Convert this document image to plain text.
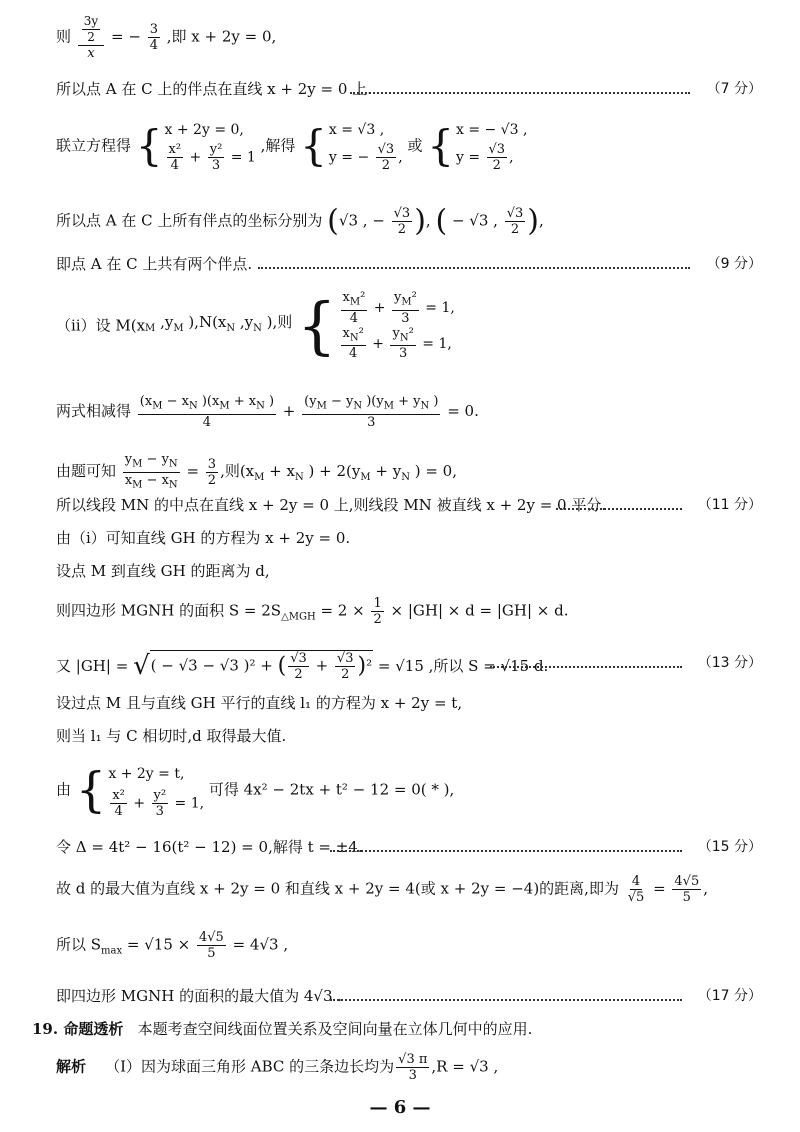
则 $\frac{\frac{3y}{2}}{x}$ = − $\frac{3}{4}$ ,即 x + 2y = 0,
所以点 A 在 C 上的伴点在直线 x + 2y = 0 上.	（7 分）
联立方程得 { x + 2y = 0,
$\frac{\text{x²}}{4} + \frac{\text{y²}}{3} = 1$
,解得 { x = √3 ,
y = − $\frac{√3}{2}$ ,
或 { x = − √3 ,
$y = \frac{√3}{2}$ ,
所以点 A 在 C 上所有伴点的坐标分别为 (√3 , − $\frac{√3}{2}$ ), ( − √3 , $\frac{√3}{2}$ ),
即点 A 在 C 上共有两个伴点.	（9 分）
（ⅱ）设 $M(x_M$ $,y_M$ )$,N(x_N$ $,y_N$ ),则 { $\frac{x_M^2}{4} + \frac{y_M^2}{3} = 1$,
$\frac{x_N^2}{4} + \frac{y_N^2}{3} = 1$,
两式相减得 $\frac{(x_M - x_N )(x_M + x_N )}{4} + \frac{(y_M - y_N )(y_M + y_N )}{3} = 0$.
由题可知 $\frac{y_M - y_N}{x_M - x_N} = \frac{3}{2}$ ,则($x_M + x_N$ ) + $2(y_M + y_N$ ) = 0,
所以线段 MN 的中点在直线 x + 2y = 0 上,则线段 MN 被直线 x + 2y = 0 平分.	（11 分）
由（ⅰ）可知直线 GH 的方程为 x + 2y = 0.
设点 M 到直线 GH 的距离为 d,
则四边形 MGNH 的面积 $S = 2S_{\triangle MGH} = 2 \times \frac{1}{2} \times |GH| \times d = |GH| \times d$.
又 |GH| = √( − √3 − √3 )² + ( $\frac{√3}{2} + \frac{√3}{2} )^2 = √15$ ,所以 S = √15 d.	（13 分）
设过点 M 且与直线 GH 平行的直线 l₁ 的方程为 x + 2y = t,
则当 l₁ 与 C 相切时,d 取得最大值.
由 { x + 2y = t,
$\frac{\text{x²}}{4} + \frac{\text{y²}}{3} = 1$,
可得 4x² − 2tx + t² − 12 = 0( * ),
令 Δ = 4t² − 16(t² − 12) = 0,解得 t = ±4.	（15 分）
故 d 的最大值为直线 x + 2y = 0 和直线 x + 2y = 4(或 x + 2y = −4)的距离,即为 $\frac{4}{√5} = \frac{4√5}{5}$ ,
所以 $S_{max} = √15 \times \frac{4√5}{5} = 4√3$ ,
即四边形 MGNH 的面积的最大值为 4√3 .	（17 分）
19. 命题透析 本题考查空间线面位置关系及空间向量在立体几何中的应用.
解析 （Ⅰ）因为球面三角形 ABC 的三条边长均为 $\frac{√3 \pi}{3} ,R = √3$ ,
— 6 —
